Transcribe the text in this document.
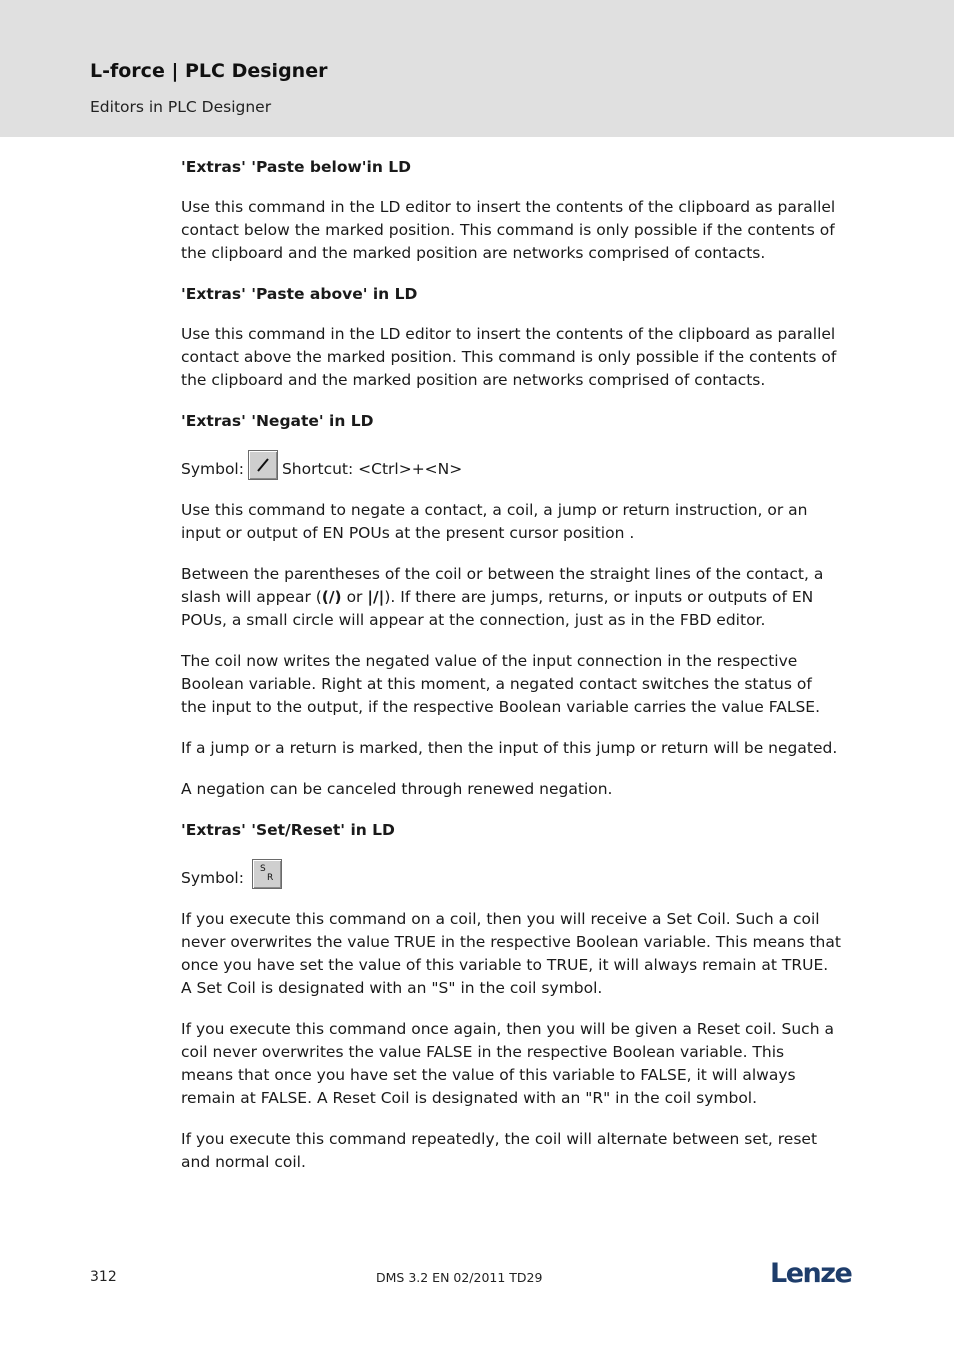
L-force | PLC Designer
Editors in PLC Designer
'Extras' 'Paste below'in LD

Use this command in the LD editor to insert the contents of the clipboard as parallel contact below the marked position. This command is only possible if the contents of the clipboard and the marked position are networks comprised of contacts.

'Extras' 'Paste above' in LD

Use this command in the LD editor to insert the contents of the clipboard as parallel contact above the marked position. This command is only possible if the contents of the clipboard and the marked position are networks comprised of contacts.

'Extras' 'Negate' in LD
Symbol: Shortcut: <Ctrl>+<N>

Use this command to negate a contact, a coil, a jump or return instruction, or an input or output of EN POUs at the present cursor position .

Between the parentheses of the coil or between the straight lines of the contact, a slash will appear ((/) or |/|). If there are jumps, returns, or inputs or outputs of EN POUs, a small circle will appear at the connection, just as in the FBD editor.

The coil now writes the negated value of the input connection in the respective Boolean variable. Right at this moment, a negated contact switches the status of the input to the output, if the respective Boolean variable carries the value FALSE.

If a jump or a return is marked, then the input of this jump or return will be negated.

A negation can be canceled through renewed negation.

'Extras' 'Set/Reset' in LD
Symbol: S
R

If you execute this command on a coil, then you will receive a Set Coil. Such a coil never overwrites the value TRUE in the respective Boolean variable. This means that once you have set the value of this variable to TRUE, it will always remain at TRUE. A Set Coil is designated with an "S" in the coil symbol.

If you execute this command once again, then you will be given a Reset coil. Such a coil never overwrites the value FALSE in the respective Boolean variable. This means that once you have set the value of this variable to FALSE, it will always remain at FALSE. A Reset Coil is designated with an "R" in the coil symbol.

If you execute this command repeatedly, the coil will alternate between set, reset and normal coil.

312	DMS 3.2 EN 02/2011 TD29	Lenze
